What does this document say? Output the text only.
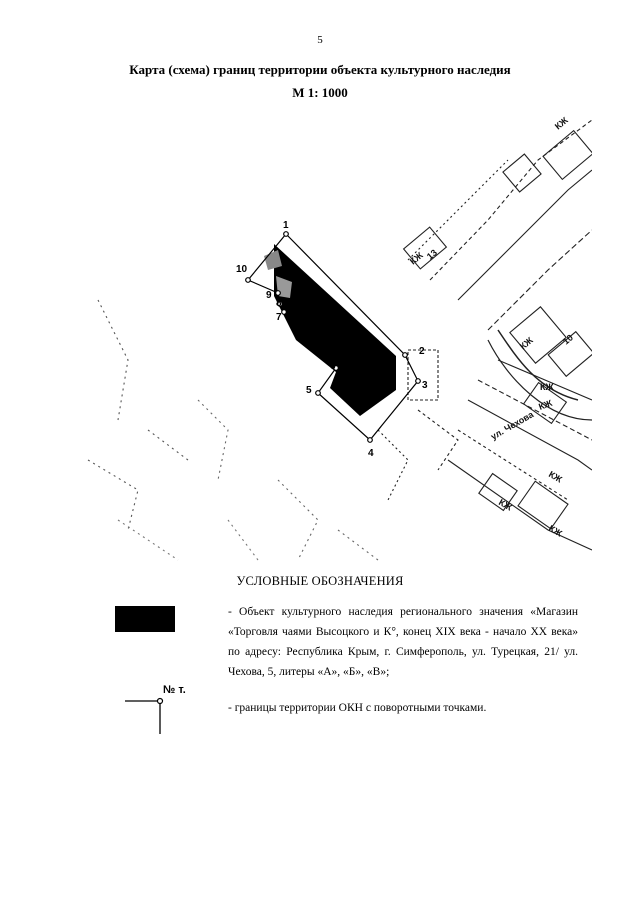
5
Карта (схема) границ территории объекта культурного наследия
М 1: 1000
ул. Чехова
КЖ
КЖ
КЖ
КЖ
КЖ
КЖ
КЖ
КЖ 13
10
1
2
3
4
5
6
7
8
9
10
УСЛОВНЫЕ ОБОЗНАЧЕНИЯ
- Объект культурного наследия регионального значения «Магазин «Торговля чаями Высоцкого и К°, конец XIX века - начало XX века» по адресу: Республика Крым, г. Симферополь, ул. Турецкая, 21/ ул. Чехова, 5, литеры «А», «Б», «В»;
№ т.
- границы территории ОКН с поворотными точками.
